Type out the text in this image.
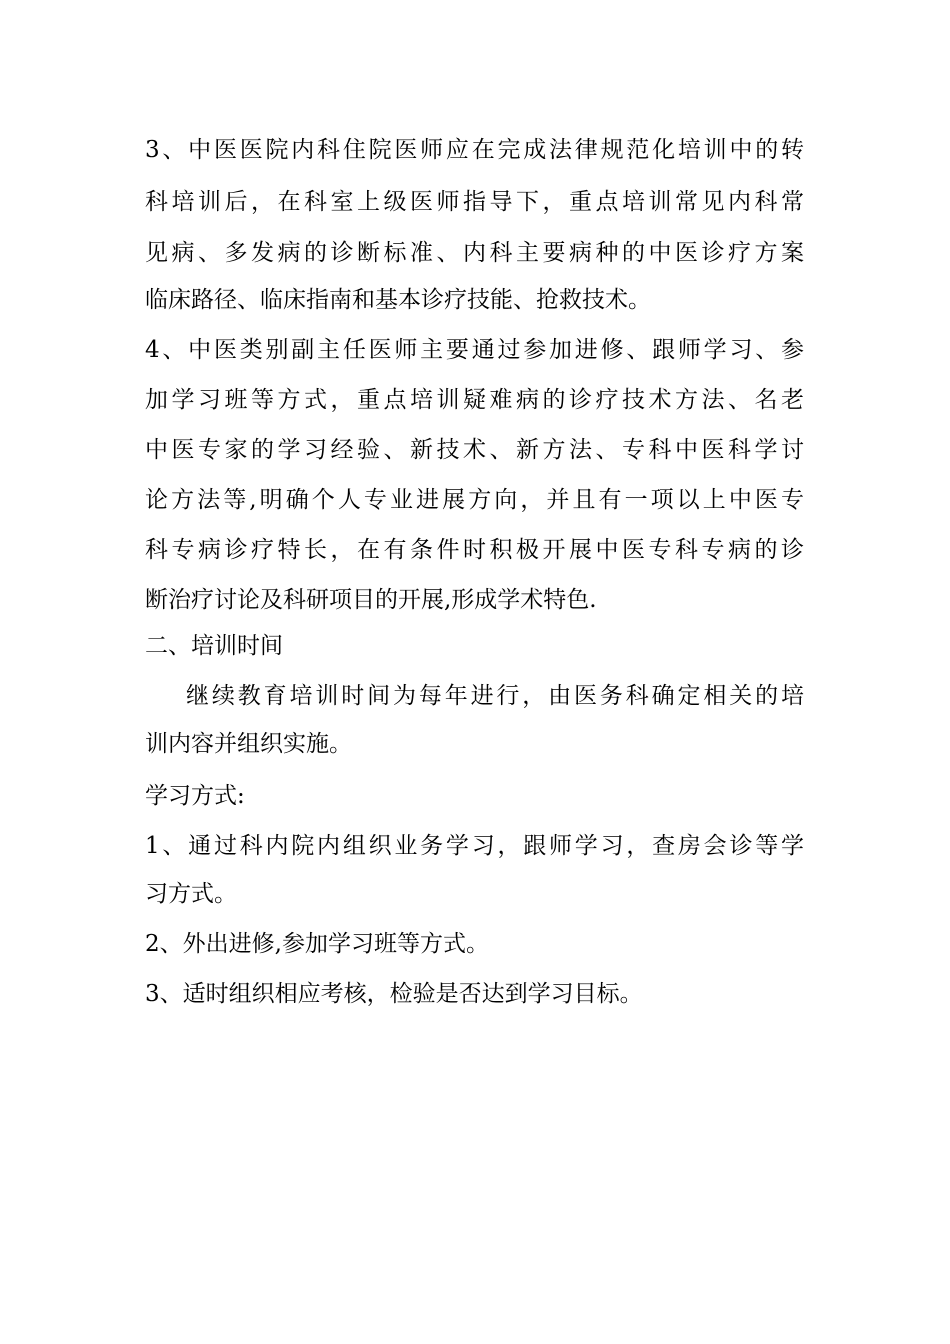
3、中医医院内科住院医师应在完成法律规范化培训中的转
科培训后，在科室上级医师指导下，重点培训常见内科常
见病、多发病的诊断标准、内科主要病种的中医诊疗方案
临床路径、临床指南和基本诊疗技能、抢救技术。
4、中医类别副主任医师主要通过参加进修、跟师学习、参
加学习班等方式，重点培训疑难病的诊疗技术方法、名老
中医专家的学习经验、新技术、新方法、专科中医科学讨
论方法等,明确个人专业进展方向，并且有一项以上中医专
科专病诊疗特长，在有条件时积极开展中医专科专病的诊
断治疗讨论及科研项目的开展,形成学术特色.
二、培训时间
继续教育培训时间为每年进行，由医务科确定相关的培
训内容并组织实施。
学习方式:
1、通过科内院内组织业务学习，跟师学习，查房会诊等学
习方式。
2、外出进修,参加学习班等方式。
3、适时组织相应考核，检验是否达到学习目标。
